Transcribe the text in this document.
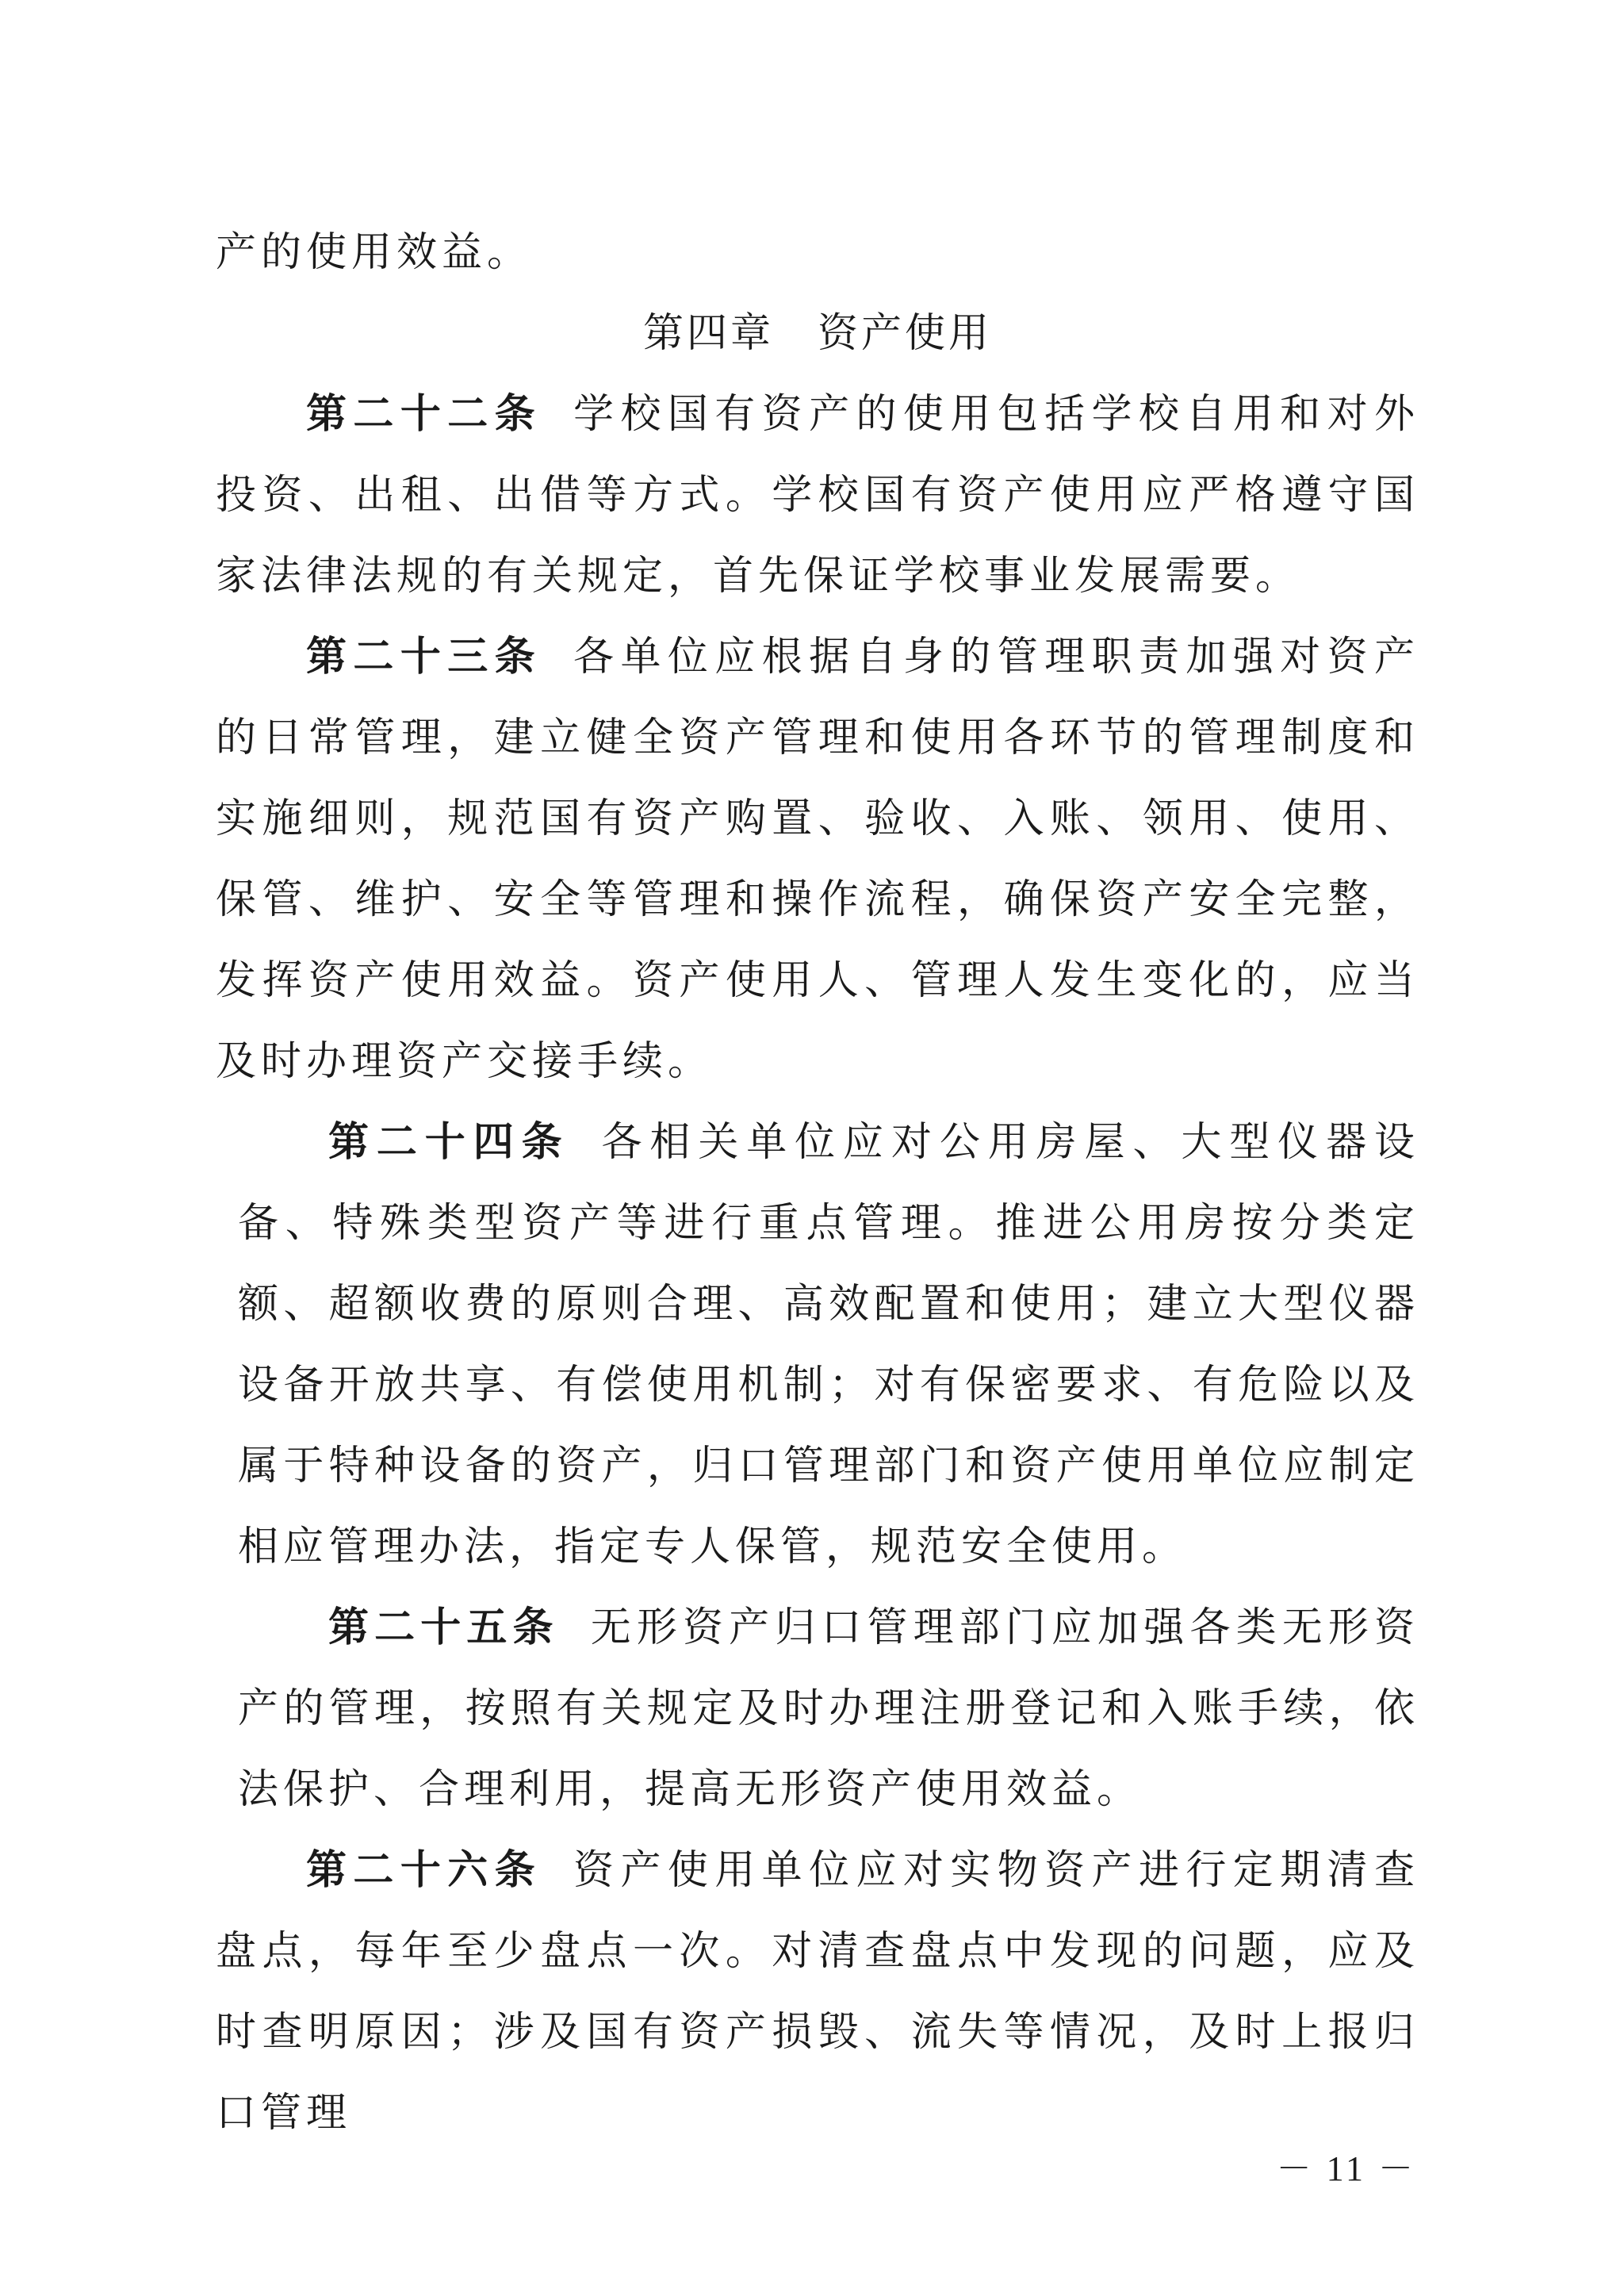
产的使用效益。

第四章　资产使用

第二十二条 学校国有资产的使用包括学校自用和对外投资、出租、出借等方式。学校国有资产使用应严格遵守国家法律法规的有关规定，首先保证学校事业发展需要。

第二十三条 各单位应根据自身的管理职责加强对资产的日常管理，建立健全资产管理和使用各环节的管理制度和实施细则，规范国有资产购置、验收、入账、领用、使用、保管、维护、安全等管理和操作流程，确保资产安全完整，发挥资产使用效益。资产使用人、管理人发生变化的，应当及时办理资产交接手续。

第二十四条 各相关单位应对公用房屋、大型仪器设备、特殊类型资产等进行重点管理。推进公用房按分类定额、超额收费的原则合理、高效配置和使用；建立大型仪器设备开放共享、有偿使用机制；对有保密要求、有危险以及属于特种设备的资产，归口管理部门和资产使用单位应制定相应管理办法，指定专人保管，规范安全使用。

第二十五条 无形资产归口管理部门应加强各类无形资产的管理，按照有关规定及时办理注册登记和入账手续，依法保护、合理利用，提高无形资产使用效益。

第二十六条 资产使用单位应对实物资产进行定期清查盘点，每年至少盘点一次。对清查盘点中发现的问题，应及时查明原因；涉及国有资产损毁、流失等情况，及时上报归口管理

－ 11 －
